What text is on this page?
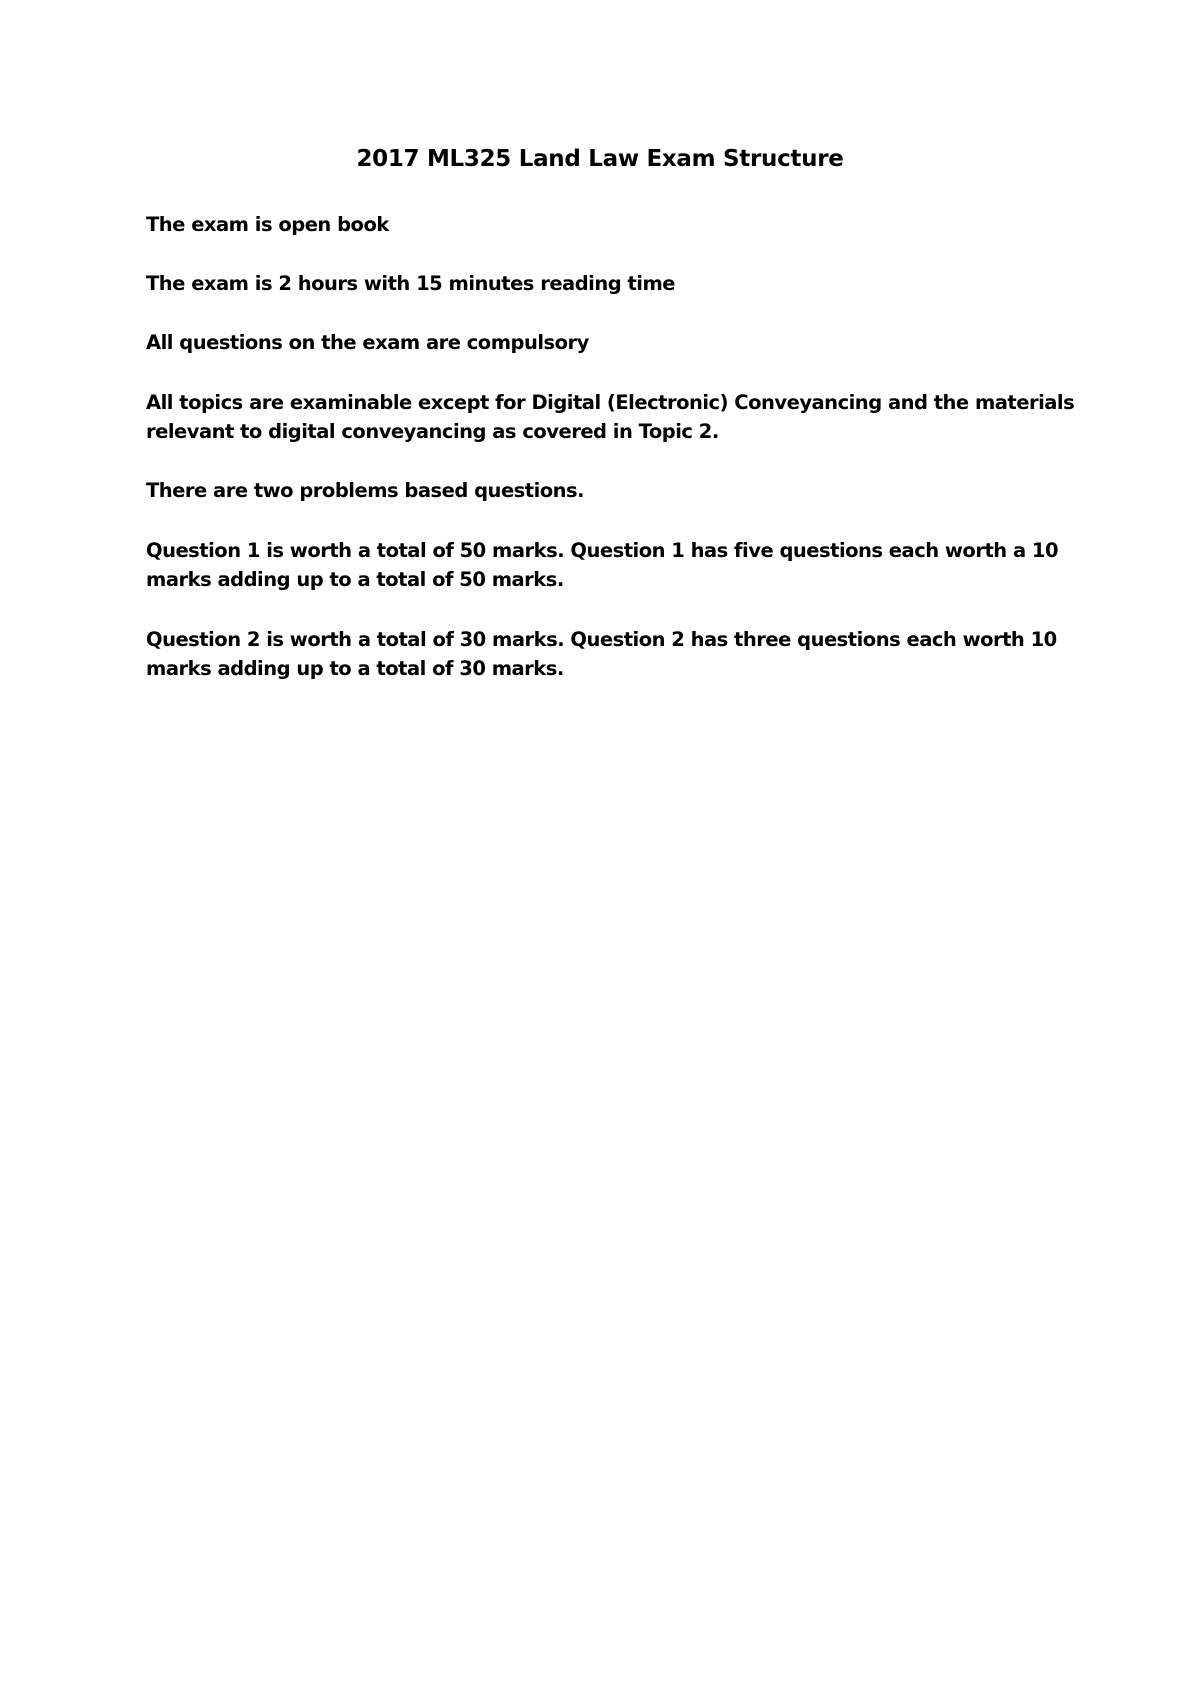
2017 ML325 Land Law Exam Structure
The exam is open book
The exam is 2 hours with 15 minutes reading time
All questions on the exam are compulsory
All topics are examinable except for Digital (Electronic) Conveyancing and the materials
relevant to digital conveyancing as covered in Topic 2.
There are two problems based questions.
Question 1 is worth a total of 50 marks. Question 1 has five questions each worth a 10
marks adding up to a total of 50 marks.
Question 2 is worth a total of 30 marks. Question 2 has three questions each worth 10
marks adding up to a total of 30 marks.
